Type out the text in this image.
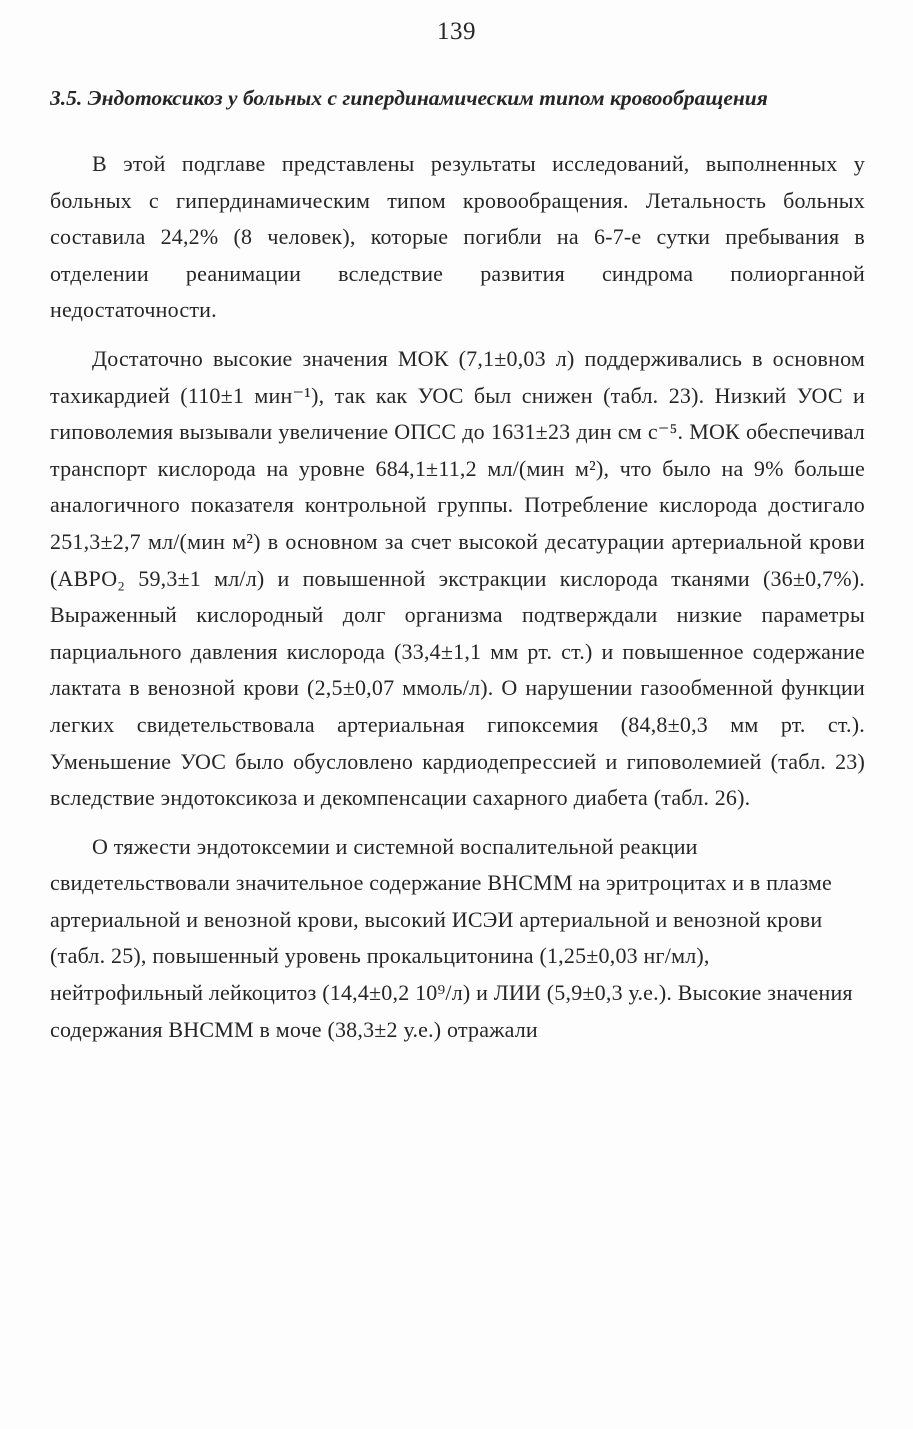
139
3.5. Эндотоксикоз у больных с гипердинамическим типом кровообращения

В этой подглаве представлены результаты исследований, выполненных у больных с гипердинамическим типом кровообращения. Летальность больных составила 24,2% (8 человек), которые погибли на 6-7-е сутки пребывания в отделении реанимации вследствие развития синдрома полиорганной недостаточности.

Достаточно высокие значения МОК (7,1±0,03 л) поддерживались в основном тахикардией (110±1 мин⁻¹), так как УОС был снижен (табл. 23). Низкий УОС и гиповолемия вызывали увеличение ОПСС до 1631±23 дин см с⁻⁵. МОК обеспечивал транспорт кислорода на уровне 684,1±11,2 мл/(мин м²), что было на 9% больше аналогичного показателя контрольной группы. Потребление кислорода достигало 251,3±2,7 мл/(мин м²) в основном за счет высокой десатурации артериальной крови (АВРО₂ 59,3±1 мл/л) и повышенной экстракции кислорода тканями (36±0,7%). Выраженный кислородный долг организма подтверждали низкие параметры парциального давления кислорода (33,4±1,1 мм рт. ст.) и повышенное содержание лактата в венозной крови (2,5±0,07 ммоль/л). О нарушении газообменной функции легких свидетельствовала артериальная гипоксемия (84,8±0,3 мм рт. ст.). Уменьшение УОС было обусловлено кардиодепрессией и гиповолемией (табл. 23) вследствие эндотоксикоза и декомпенсации сахарного диабета (табл. 26).

О тяжести эндотоксемии и системной воспалительной реакции свидетельствовали значительное содержание ВНСММ на эритроцитах и в плазме артериальной и венозной крови, высокий ИСЭИ артериальной и венозной крови (табл. 25), повышенный уровень прокальцитонина (1,25±0,03 нг/мл), нейтрофильный лейкоцитоз (14,4±0,2 10⁹/л) и ЛИИ (5,9±0,3 у.е.). Высокие значения содержания ВНСММ в моче (38,3±2 у.е.) отражали
